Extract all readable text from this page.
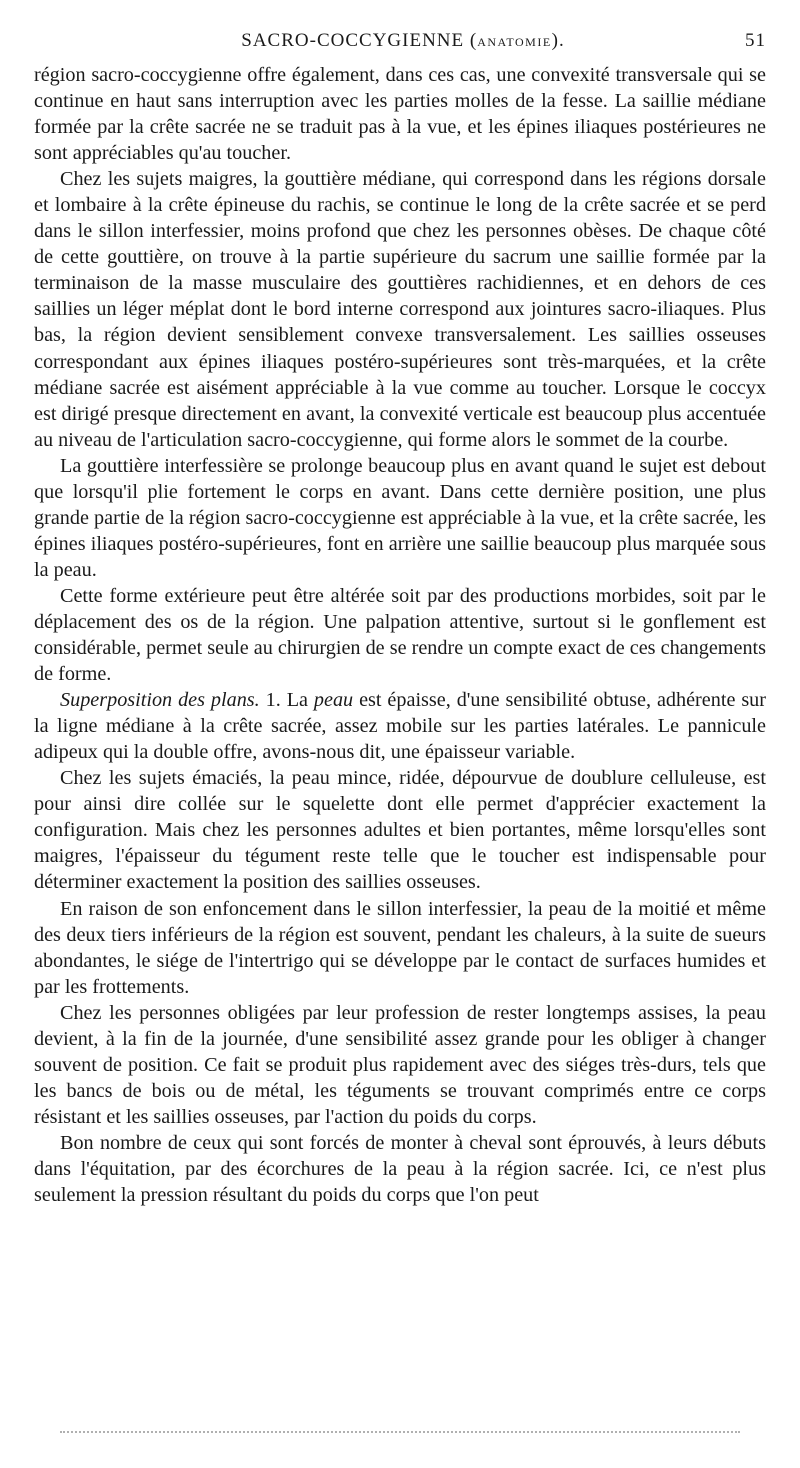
SACRO-COCCYGIENNE (ANATOMIE).	51

région sacro-coccygienne offre également, dans ces cas, une convexité transversale qui se continue en haut sans interruption avec les parties molles de la fesse. La saillie médiane formée par la crête sacrée ne se traduit pas à la vue, et les épines iliaques postérieures ne sont appréciables qu'au toucher.

Chez les sujets maigres, la gouttière médiane, qui correspond dans les régions dorsale et lombaire à la crête épineuse du rachis, se continue le long de la crête sacrée et se perd dans le sillon interfessier, moins profond que chez les personnes obèses. De chaque côté de cette gouttière, on trouve à la partie supérieure du sacrum une saillie formée par la terminaison de la masse musculaire des gouttières rachidiennes, et en dehors de ces saillies un léger méplat dont le bord interne correspond aux jointures sacro-iliaques. Plus bas, la région devient sensiblement convexe transversalement. Les saillies osseuses correspondant aux épines iliaques postéro-supérieures sont très-marquées, et la crête médiane sacrée est aisément appréciable à la vue comme au toucher. Lorsque le coccyx est dirigé presque directement en avant, la convexité verticale est beaucoup plus accentuée au niveau de l'articulation sacro-coccygienne, qui forme alors le sommet de la courbe.

La gouttière interfessière se prolonge beaucoup plus en avant quand le sujet est debout que lorsqu'il plie fortement le corps en avant. Dans cette dernière position, une plus grande partie de la région sacro-coccygienne est appréciable à la vue, et la crête sacrée, les épines iliaques postéro-supérieures, font en arrière une saillie beaucoup plus marquée sous la peau.

Cette forme extérieure peut être altérée soit par des productions morbides, soit par le déplacement des os de la région. Une palpation attentive, surtout si le gonflement est considérable, permet seule au chirurgien de se rendre un compte exact de ces changements de forme.

Superposition des plans. 1. La peau est épaisse, d'une sensibilité obtuse, adhérente sur la ligne médiane à la crête sacrée, assez mobile sur les parties latérales. Le pannicule adipeux qui la double offre, avons-nous dit, une épaisseur variable.

Chez les sujets émaciés, la peau mince, ridée, dépourvue de doublure celluleuse, est pour ainsi dire collée sur le squelette dont elle permet d'apprécier exactement la configuration. Mais chez les personnes adultes et bien portantes, même lorsqu'elles sont maigres, l'épaisseur du tégument reste telle que le toucher est indispensable pour déterminer exactement la position des saillies osseuses.

En raison de son enfoncement dans le sillon interfessier, la peau de la moitié et même des deux tiers inférieurs de la région est souvent, pendant les chaleurs, à la suite de sueurs abondantes, le siége de l'intertrigo qui se développe par le contact de surfaces humides et par les frottements.

Chez les personnes obligées par leur profession de rester longtemps assises, la peau devient, à la fin de la journée, d'une sensibilité assez grande pour les obliger à changer souvent de position. Ce fait se produit plus rapidement avec des siéges très-durs, tels que les bancs de bois ou de métal, les téguments se trouvant comprimés entre ce corps résistant et les saillies osseuses, par l'action du poids du corps.

Bon nombre de ceux qui sont forcés de monter à cheval sont éprouvés, à leurs débuts dans l'équitation, par des écorchures de la peau à la région sacrée. Ici, ce n'est plus seulement la pression résultant du poids du corps que l'on peut
